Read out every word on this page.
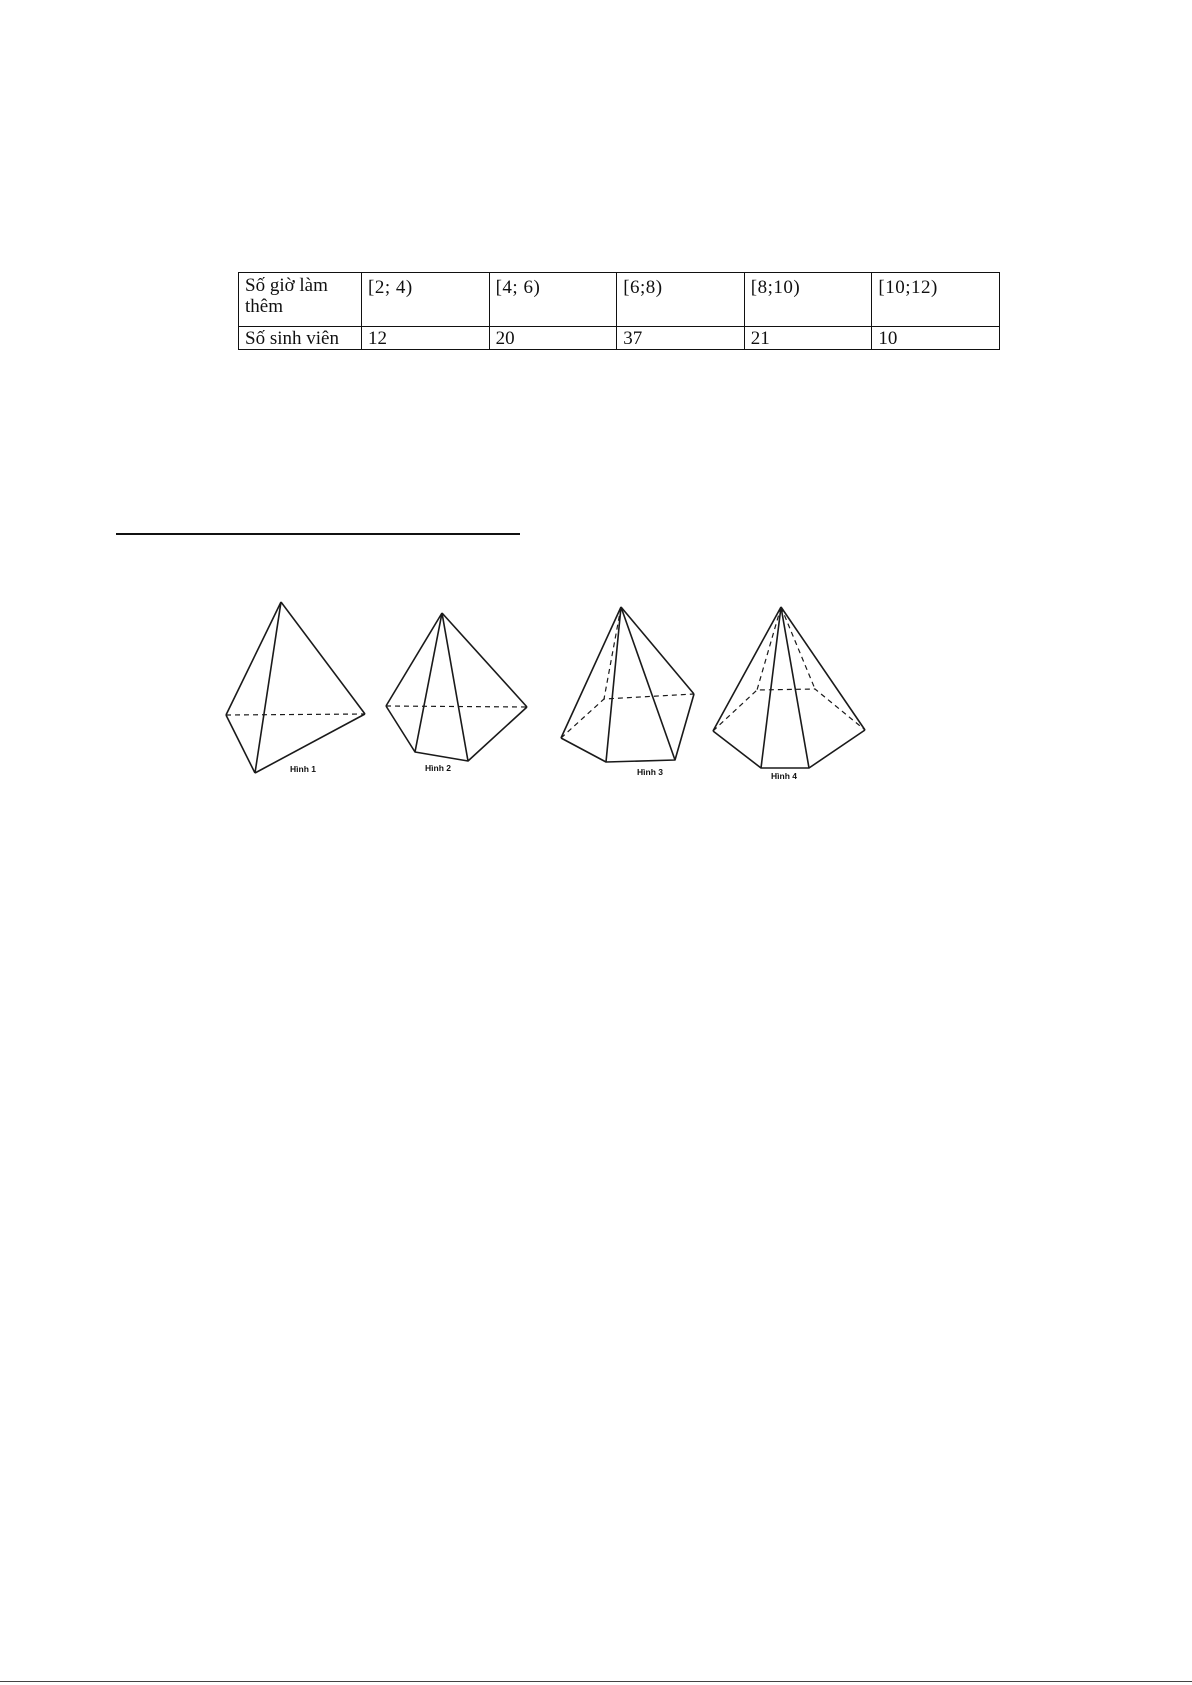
Số giờ làm
thêm	[2; 4)	[4; 6)	[6;8)	[8;10)	[10;12)
Số sinh viên	12	20	37	21	10
Hình 1	Hình 2	Hình 3	Hình 4
